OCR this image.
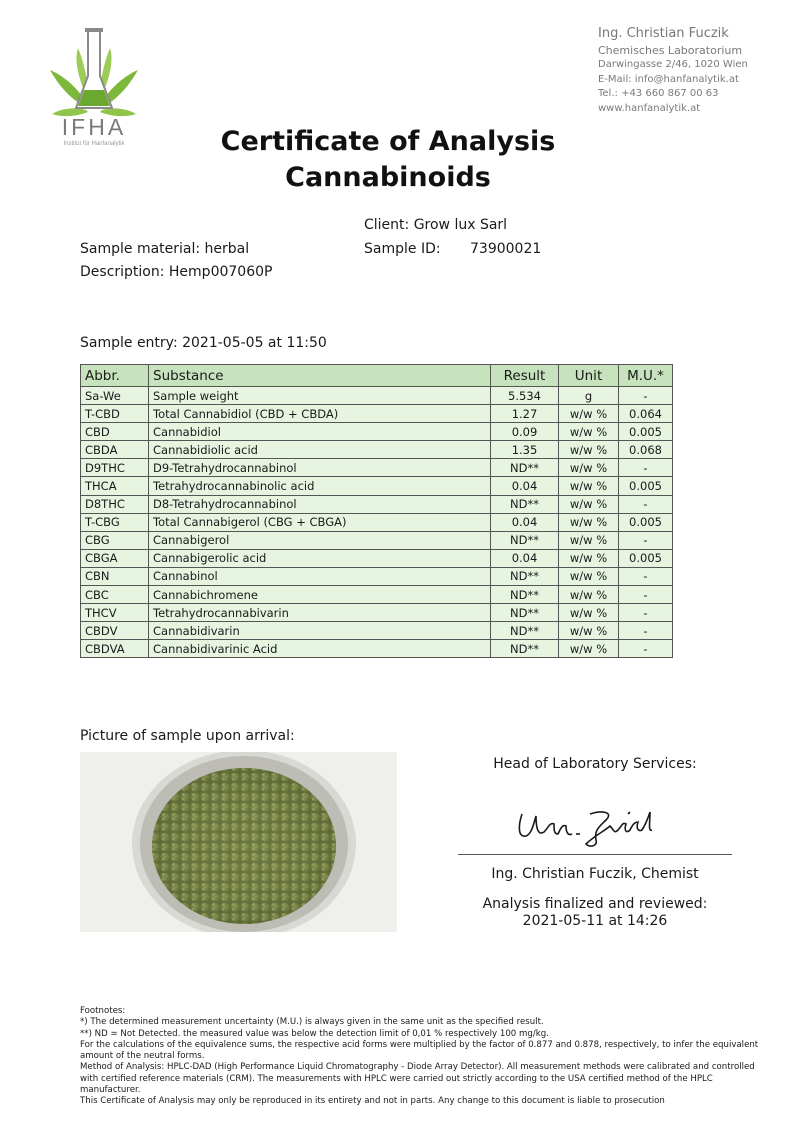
IFHA
Institut für Hanfanalytik
Ing. Christian Fuczik
Chemisches Laboratorium
Darwingasse 2/46, 1020 Wien
E-Mail: info@hanfanalytik.at
Tel.: +43 660 867 00 63
www.hanfanalytik.at
Certificate of Analysis
Cannabinoids
Client: Grow lux Sarl
Sample material: herbal	Sample ID: 73900021
Description: Hemp007060P
Sample entry: 2021-05-05 at 11:50
Abbr.	Substance	Result	Unit	M.U.*
Sa-We	Sample weight	5.534	g	-
T-CBD	Total Cannabidiol (CBD + CBDA)	1.27	w/w %	0.064
CBD	Cannabidiol	0.09	w/w %	0.005
CBDA	Cannabidiolic acid	1.35	w/w %	0.068
D9THC	D9-Tetrahydrocannabinol	ND**	w/w %	-
THCA	Tetrahydrocannabinolic acid	0.04	w/w %	0.005
D8THC	D8-Tetrahydrocannabinol	ND**	w/w %	-
T-CBG	Total Cannabigerol (CBG + CBGA)	0.04	w/w %	0.005
CBG	Cannabigerol	ND**	w/w %	-
CBGA	Cannabigerolic acid	0.04	w/w %	0.005
CBN	Cannabinol	ND**	w/w %	-
CBC	Cannabichromene	ND**	w/w %	-
THCV	Tetrahydrocannabivarin	ND**	w/w %	-
CBDV	Cannabidivarin	ND**	w/w %	-
CBDVA	Cannabidivarinic Acid	ND**	w/w %	-
Picture of sample upon arrival:
Head of Laboratory Services:
Ing. Christian Fuczik, Chemist
Analysis finalized and reviewed:
2021-05-11 at 14:26
Footnotes:
*) The determined measurement uncertainty (M.U.) is always given in the same unit as the specified result.
**) ND = Not Detected. the measured value was below the detection limit of 0,01 % respectively 100 mg/kg.
For the calculations of the equivalence sums, the respective acid forms were multiplied by the factor of 0.877 and 0.878, respectively, to infer the equivalent amount of the neutral forms.
Method of Analysis: HPLC-DAD (High Performance Liquid Chromatography - Diode Array Detector). All measurement methods were calibrated and controlled with certified reference materials (CRM). The measurements with HPLC were carried out strictly according to the USA certified method of the HPLC manufacturer.
This Certificate of Analysis may only be reproduced in its entirety and not in parts. Any change to this document is liable to prosecution
